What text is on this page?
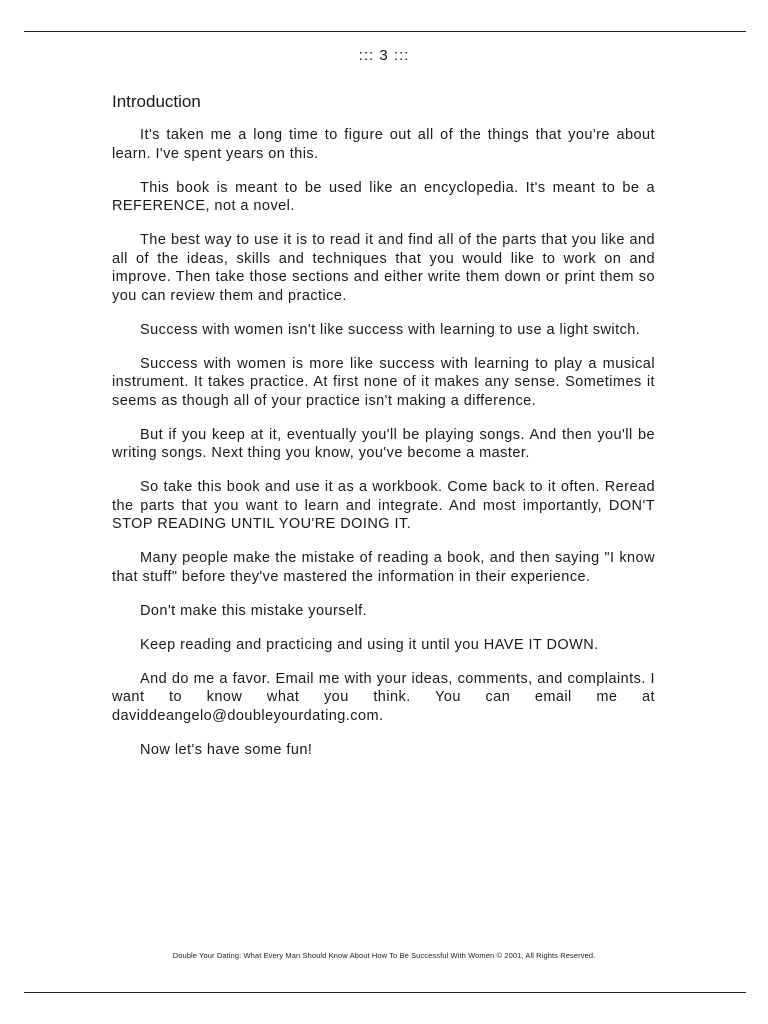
::: 3 :::
Introduction

It's taken me a long time to figure out all of the things that you're about learn. I've spent years on this.

This book is meant to be used like an encyclopedia. It's meant to be a REFERENCE, not a novel.

The best way to use it is to read it and find all of the parts that you like and all of the ideas, skills and techniques that you would like to work on and improve. Then take those sections and either write them down or print them so you can review them and practice.

Success with women isn't like success with learning to use a light switch.

Success with women is more like success with learning to play a musical instrument. It takes practice. At first none of it makes any sense. Sometimes it seems as though all of your practice isn't making a difference.

But if you keep at it, eventually you'll be playing songs. And then you'll be writing songs. Next thing you know, you've become a master.

So take this book and use it as a workbook. Come back to it often. Reread the parts that you want to learn and integrate. And most importantly, DON'T STOP READING UNTIL YOU'RE DOING IT.

Many people make the mistake of reading a book, and then saying "I know that stuff" before they've mastered the information in their experience.

Don't make this mistake yourself.

Keep reading and practicing and using it until you HAVE IT DOWN.

And do me a favor. Email me with your ideas, comments, and complaints. I want to know what you think. You can email me at daviddeangelo@doubleyourdating.com.

Now let's have some fun!

Double Your Dating: What Every Man Should Know About How To Be Successful With Women © 2001, All Rights Reserved.
